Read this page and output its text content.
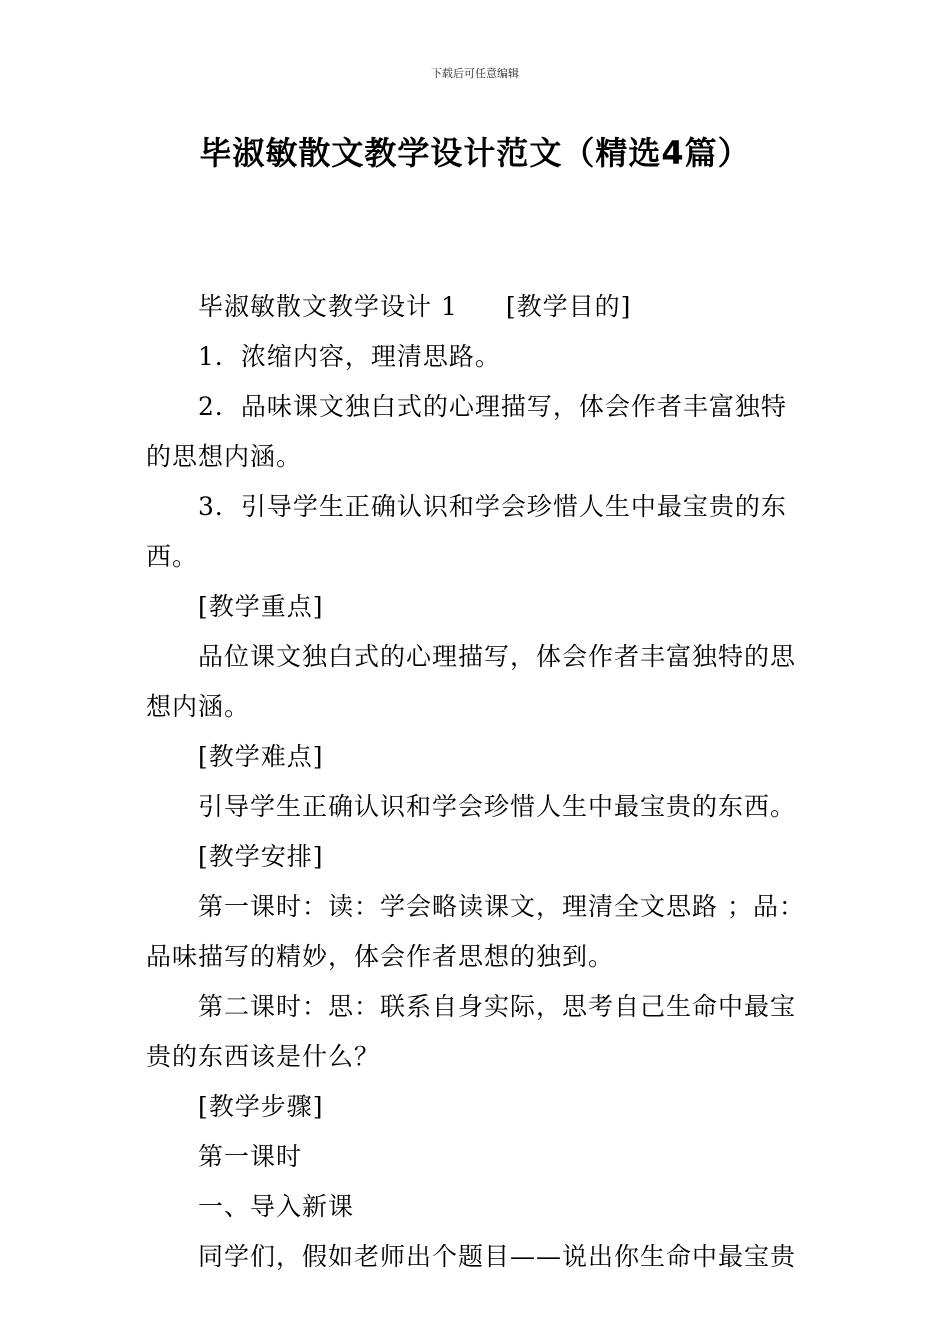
下载后可任意编辑
毕淑敏散文教学设计范文（精选4篇）

毕淑敏散文教学设计 1 [教学目的]

1．浓缩内容，理清思路。

2．品味课文独白式的心理描写，体会作者丰富独特的思想内涵。

3．引导学生正确认识和学会珍惜人生中最宝贵的东西。

[教学重点]

品位课文独白式的心理描写，体会作者丰富独特的思想内涵。

[教学难点]

引导学生正确认识和学会珍惜人生中最宝贵的东西。

[教学安排]

第一课时：读：学会略读课文，理清全文思路 ；品：品味描写的精妙，体会作者思想的独到。

第二课时：思：联系自身实际，思考自己生命中最宝贵的东西该是什么？

[教学步骤]

第一课时

一、导入新课

同学们，假如老师出个题目——说出你生命中最宝贵
